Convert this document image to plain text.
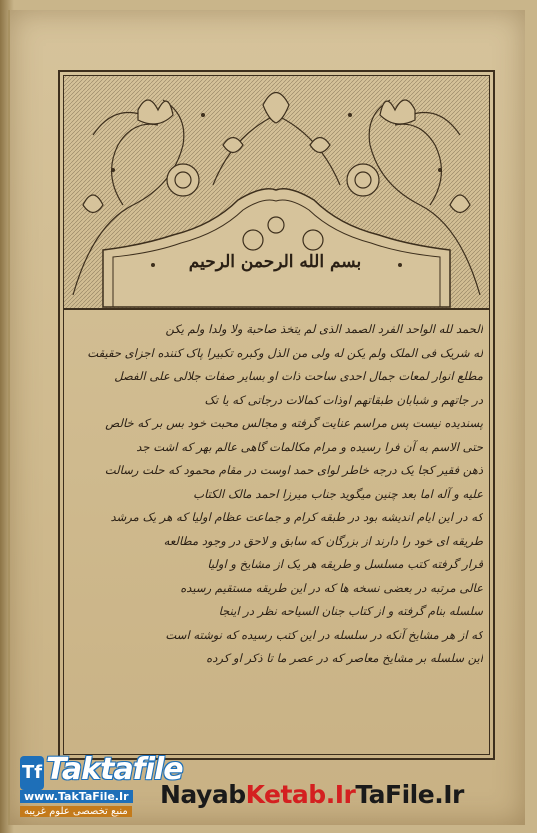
بسم الله الرحمن الرحیم
الحمد لله الواحد الفرد الصمد الذی لم یتخذ صاحبة ولا ولدا ولم یکن
له شریک فی الملک ولم یکن له ولی من الذل وکبره تکبیرا پاک کننده اجزای حقیقت
مطلع انوار لمعات جمال احدی ساحت ذات او بسایر صفات جلالی علی الفصل
در جاتهم و شبابان طبقاتهم اوذات کمالات درجاتی که یا تک
پسندیده نیست پس مراسم عنایت گرفته و مجالس محبت خود بس بر که خالص
حتی الاسم به آن فرا رسیده و مرام مکالمات گاهی عالم بهر که اشت جد
ذهن فقیر کجا یک درجه خاطر لوای حمد اوست در مقام محمود که حلت رسالت
علیه و آله اما بعد چنین میگوید جناب میرزا احمد مالک الکتاب
که در این ایام اندیشه بود در طبقه کرام و جماعت عظام اولیا که هر یک مرشد
طریقه ای خود را دارند از بزرگان که سابق و لاحق در وجود مطالعه
قرار گرفته کتب مسلسل و طریقه هر یک از مشایخ و اولیا
عالی مرتبه در بعضی نسخه ها که در این طریقه مستقیم رسیده
سلسله بنام گرفته و از کتاب جنان السیاحه نظر در اینجا
که از هر مشایخ آنکه در سلسله در این کتب رسیده که نوشته است
این سلسله بر مشایخ معاصر که در عصر ما تا ذکر او کرده
Tf Taktafile
www.TakTaFile.Ir
منبع تخصصی علوم غریبه
NayabKetab.IrTaFile.Ir
